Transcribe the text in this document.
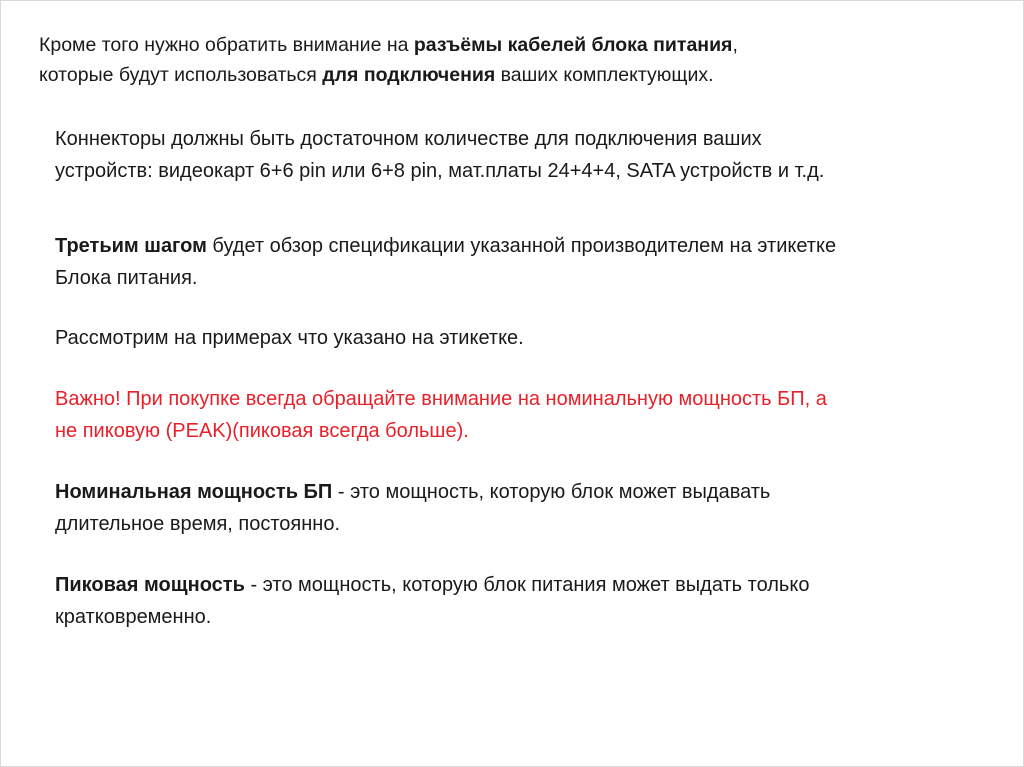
Кроме того нужно обратить внимание на разъёмы кабелей блока питания,
которые будут использоваться для подключения ваших комплектующих.

Коннекторы должны быть достаточном количестве для подключения ваших
устройств: видеокарт 6+6 pin или 6+8 pin, мат.платы 24+4+4, SATA устройств и т.д.

Третьим шагом будет обзор спецификации указанной производителем на этикетке
Блока питания.

Рассмотрим на примерах что указано на этикетке.

Важно! При покупке всегда обращайте внимание на номинальную мощность БП, а
не пиковую (PEAK)(пиковая всегда больше).

Номинальная мощность БП - это мощность, которую блок может выдавать
длительное время, постоянно.

Пиковая мощность - это мощность, которую блок питания может выдать только
кратковременно.
